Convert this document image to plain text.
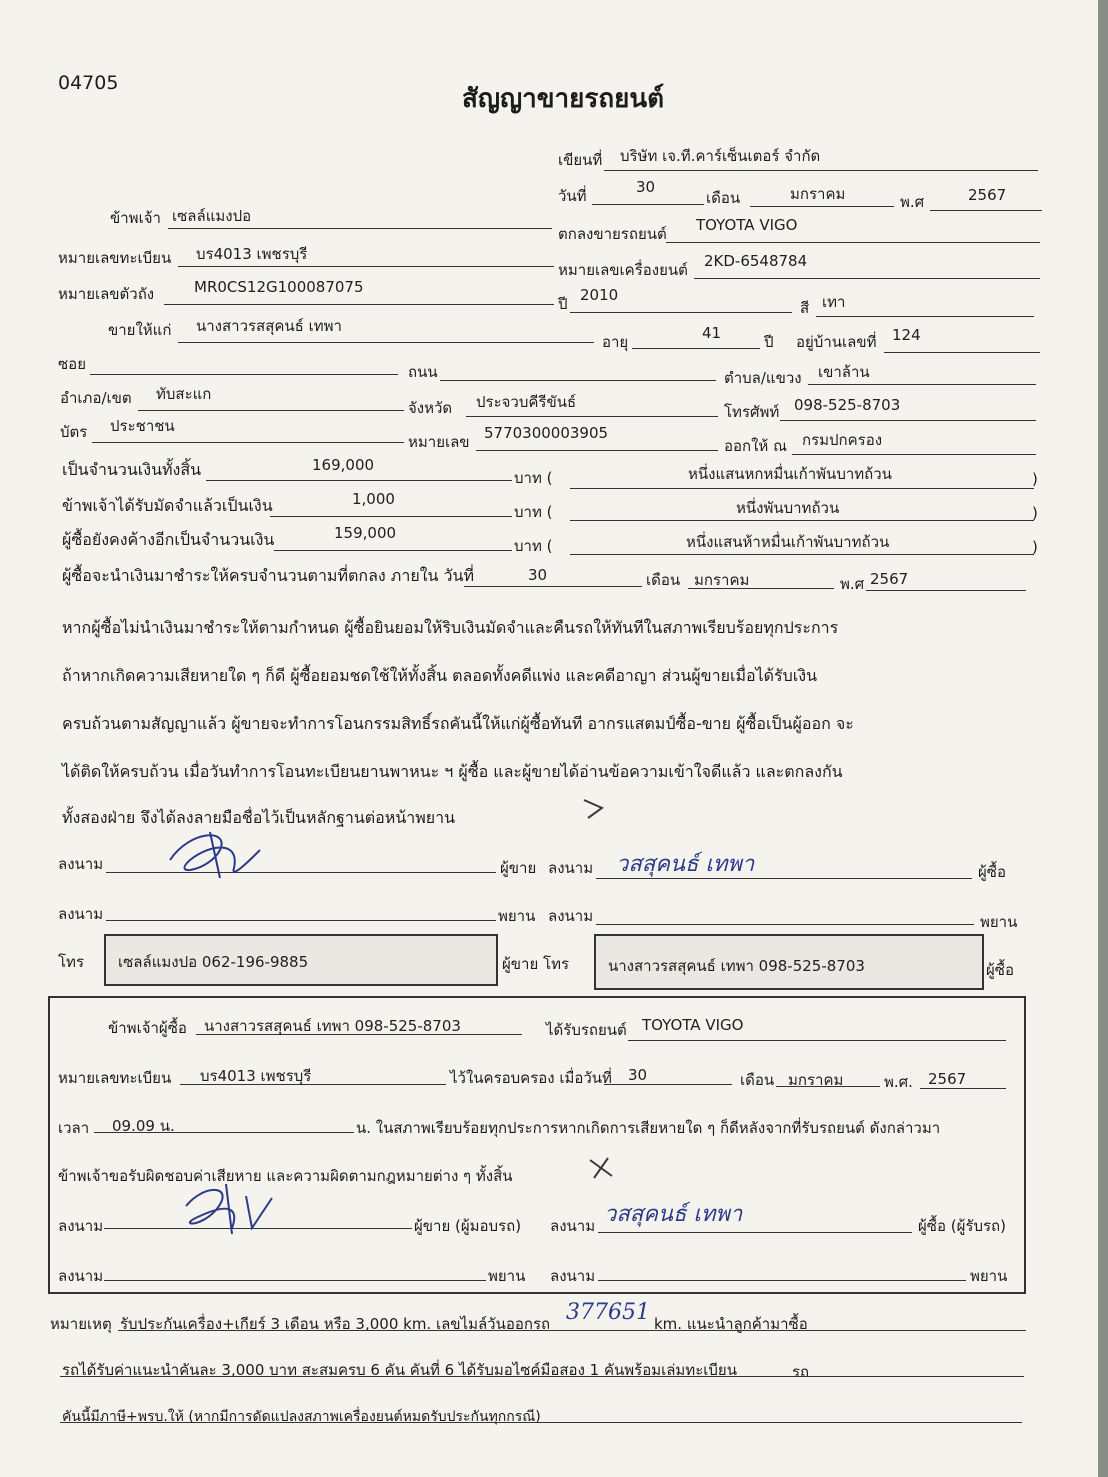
04705
สัญญาขายรถยนต์
เขียนที่ บริษัท เจ.ที.คาร์เซ็นเตอร์ จำกัด
วันที่	30
เดือน	มกราคม	พ.ศ	2567
ข้าพเจ้า เซลล์แมงปอ
ตกลงขายรถยนต์ TOYOTA VIGO
หมายเลขทะเบียน บร4013 เพชรบุรี
หมายเลขเครื่องยนต์ 2KD-6548784
หมายเลขตัวถัง	MR0CS12G100087075
ปี 2010
สี เทา
ขายให้แก่ นางสาวรสสุคนธ์ เทพา
อายุ	41	ปี อยู่บ้านเลขที่ 124
ซอย	ถนน	ตำบล/แขวง เขาล้าน
อำเภอ/เขต ทับสะแก
จังหวัด ประจวบคีรีขันธ์
โทรศัพท์ 098-525-8703
บัตร ประชาชน
หมายเลข 5770300003905
ออกให้ ณ กรมปกครอง
เป็นจำนวนเงินทั้งสิ้น	169,000
บาท (	หนึ่งแสนหกหมื่นเก้าพันบาทถ้วน	)
ข้าพเจ้าได้รับมัดจำแล้วเป็นเงิน	1,000
บาท (	หนึ่งพันบาทถ้วน	)
ผู้ซื้อยังคงค้างอีกเป็นจำนวนเงิน	159,000
บาท (	หนึ่งแสนห้าหมื่นเก้าพันบาทถ้วน	)
ผู้ซื้อจะนำเงินมาชำระให้ครบจำนวนตามที่ตกลง ภายใน วันที่	30	เดือน มกราคม	พ.ศ 2567
หากผู้ซื้อไม่นำเงินมาชำระให้ตามกำหนด ผู้ซื้อยินยอมให้ริบเงินมัดจำและคืนรถให้ทันทีในสภาพเรียบร้อยทุกประการ
ถ้าหากเกิดความเสียหายใด ๆ ก็ดี ผู้ซื้อยอมชดใช้ให้ทั้งสิ้น ตลอดทั้งคดีแพ่ง และคดีอาญา ส่วนผู้ขายเมื่อได้รับเงิน
ครบถ้วนตามสัญญาแล้ว ผู้ขายจะทำการโอนกรรมสิทธิ์รถคันนี้ให้แก่ผู้ซื้อทันที อากรแสตมป์ซื้อ-ขาย ผู้ซื้อเป็นผู้ออก จะ
ได้ติดให้ครบถ้วน เมื่อวันทำการโอนทะเบียนยานพาหนะ ฯ ผู้ซื้อ และผู้ขายได้อ่านข้อความเข้าใจดีแล้ว และตกลงกัน
ทั้งสองฝ่าย จึงได้ลงลายมือชื่อไว้เป็นหลักฐานต่อหน้าพยาน
ลงนาม	ผู้ขาย ลงนาม วสสุคนธ์ เทพา	ผู้ซื้อ
ลงนาม	พยาน ลงนาม	พยาน
โทร เซลล์แมงปอ 062-196-9885	ผู้ขาย โทร	นางสาวรสสุคนธ์ เทพา 098-525-8703	ผู้ซื้อ
ข้าพเจ้าผู้ซื้อ นางสาวรสสุคนธ์ เทพา 098-525-8703	ได้รับรถยนต์ TOYOTA VIGO
หมายเลขทะเบียน บร4013 เพชรบุรี	ไว้ในครอบครอง เมื่อวันที่ 30	เดือน มกราคม	พ.ศ. 2567
เวลา 09.09 น.	น. ในสภาพเรียบร้อยทุกประการหากเกิดการเสียหายใด ๆ ก็ดีหลังจากที่รับรถยนต์ ดังกล่าวมา
ข้าพเจ้าขอรับผิดชอบค่าเสียหาย และความผิดตามกฎหมายต่าง ๆ ทั้งสิ้น
ลงนาม	ผู้ขาย (ผู้มอบรถ) ลงนาม วสสุคนธ์ เทพา	ผู้ซื้อ (ผู้รับรถ)
ลงนาม	พยาน ลงนาม	พยาน
หมายเหตุ รับประกันเครื่อง+เกียร์ 3 เดือน หรือ 3,000 km. เลขไมล์วันออกรถ 377651 km. แนะนำลูกค้ามาซื้อ
รถได้รับค่าแนะนำคันละ 3,000 บาท สะสมครบ 6 คัน คันที่ 6 ได้รับมอไซค์มือสอง 1 คันพร้อมเล่มทะเบียน	รถ
คันนี้มีภาษี+พรบ.ให้ (หากมีการดัดแปลงสภาพเครื่องยนต์หมดรับประกันทุกกรณี)
